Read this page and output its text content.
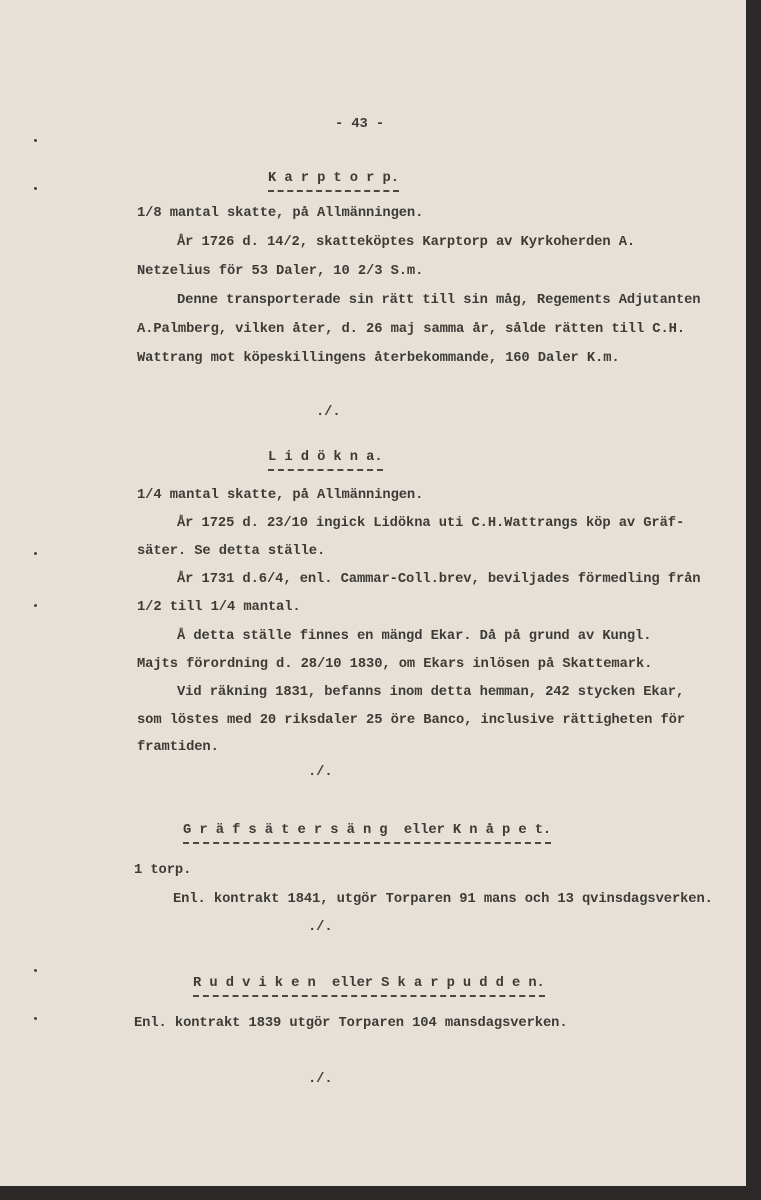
- 43 -
K a r p t o r p.
1/8 mantal skatte, på Allmänningen.
År 1726 d. 14/2, skatteköptes Karptorp av Kyrkoherden A.
Netzelius för 53 Daler, 10 2/3 S.m.
Denne transporterade sin rätt till sin måg, Regements Adjutanten
A.Palmberg, vilken åter, d. 26 maj samma år, sålde rätten till C.H.
Wattrang mot köpeskillingens återbekommande, 160 Daler K.m.
./.
L i d ö k n a.
1/4 mantal skatte, på Allmänningen.
År 1725 d. 23/10 ingick Lidökna uti C.H.Wattrangs köp av Gräf-
säter. Se detta ställe.
År 1731 d.6/4, enl. Cammar-Coll.brev, beviljades förmedling från
1/2 till 1/4 mantal.
Å detta ställe finnes en mängd Ekar. Då på grund av Kungl.
Majts förordning d. 28/10 1830, om Ekars inlösen på Skattemark.
Vid räkning 1831, befanns inom detta hemman, 242 stycken Ekar,
som löstes med 20 riksdaler 25 öre Banco, inclusive rättigheten för
framtiden.
./.
G r ä f s ä t e r s ä n g  eller K n å p e t.
1 torp.
Enl. kontrakt 1841, utgör Torparen 91 mans och 13 qvinsdagsverken.
./.
R u d v i k e n  eller S k a r p u d d e n.
Enl. kontrakt 1839 utgör Torparen 104 mansdagsverken.
./.
